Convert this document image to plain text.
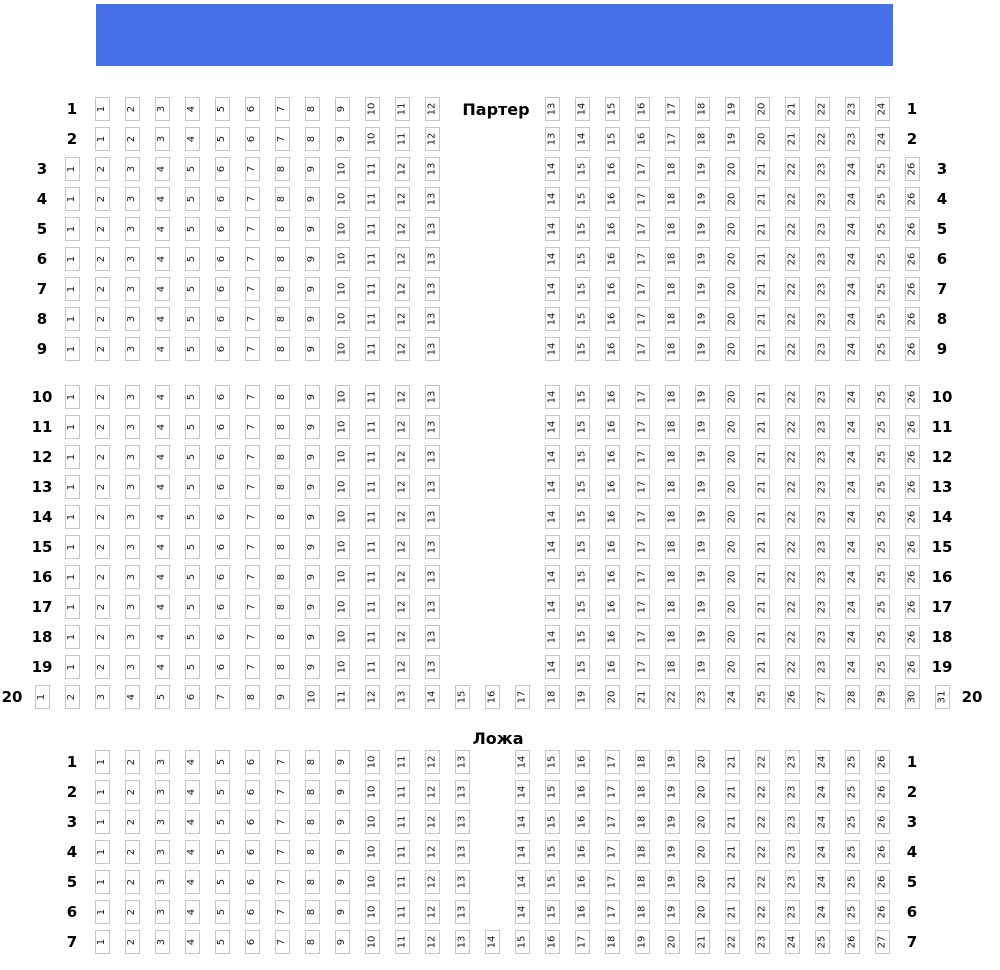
Партер
Ложа
1	1
1 2 3 4 5 6 7 8 9 10 11 12	13 14 15 16 17 18 19 20 21 22 23 24
2	2
1 2 3 4 5 6 7 8 9 10 11 12	13 14 15 16 17 18 19 20 21 22 23 24
3	3
1 2 3 4 5 6 7 8 9 10 11 12 13	14 15 16 17 18 19 20 21 22 23 24 25 26
4	4
1 2 3 4 5 6 7 8 9 10 11 12 13	14 15 16 17 18 19 20 21 22 23 24 25 26
5	5
1 2 3 4 5 6 7 8 9 10 11 12 13	14 15 16 17 18 19 20 21 22 23 24 25 26
6	6
1 2 3 4 5 6 7 8 9 10 11 12 13	14 15 16 17 18 19 20 21 22 23 24 25 26
7	7
1 2 3 4 5 6 7 8 9 10 11 12 13	14 15 16 17 18 19 20 21 22 23 24 25 26
8	8
1 2 3 4 5 6 7 8 9 10 11 12 13	14 15 16 17 18 19 20 21 22 23 24 25 26
9	9
1 2 3 4 5 6 7 8 9 10 11 12 13	14 15 16 17 18 19 20 21 22 23 24 25 26
10	10
1 2 3 4 5 6 7 8 9 10 11 12 13	14 15 16 17 18 19 20 21 22 23 24 25 26
11	11
1 2 3 4 5 6 7 8 9 10 11 12 13	14 15 16 17 18 19 20 21 22 23 24 25 26
12	12
1 2 3 4 5 6 7 8 9 10 11 12 13	14 15 16 17 18 19 20 21 22 23 24 25 26
13	13
1 2 3 4 5 6 7 8 9 10 11 12 13	14 15 16 17 18 19 20 21 22 23 24 25 26
14	14
1 2 3 4 5 6 7 8 9 10 11 12 13	14 15 16 17 18 19 20 21 22 23 24 25 26
15	15
1 2 3 4 5 6 7 8 9 10 11 12 13	14 15 16 17 18 19 20 21 22 23 24 25 26
16	16
1 2 3 4 5 6 7 8 9 10 11 12 13	14 15 16 17 18 19 20 21 22 23 24 25 26
17	17
1 2 3 4 5 6 7 8 9 10 11 12 13	14 15 16 17 18 19 20 21 22 23 24 25 26
18	18
1 2 3 4 5 6 7 8 9 10 11 12 13	14 15 16 17 18 19 20 21 22 23 24 25 26
19	19
1 2 3 4 5 6 7 8 9 10 11 12 13	14 15 16 17 18 19 20 21 22 23 24 25 26
20	20
1 2 3 4 5 6 7 8 9 10 11 12 13 14 15 16 17 18 19 20 21 22 23 24 25 26 27 28 29 30 31
1	1
1 2 3 4 5 6 7 8 9 10 11 12 13	14 15 16 17 18 19 20 21 22 23 24 25 26
2	2
1 2 3 4 5 6 7 8 9 10 11 12 13	14 15 16 17 18 19 20 21 22 23 24 25 26
3	3
1 2 3 4 5 6 7 8 9 10 11 12 13	14 15 16 17 18 19 20 21 22 23 24 25 26
4	4
1 2 3 4 5 6 7 8 9 10 11 12 13	14 15 16 17 18 19 20 21 22 23 24 25 26
5	5
1 2 3 4 5 6 7 8 9 10 11 12 13	14 15 16 17 18 19 20 21 22 23 24 25 26
6	6
1 2 3 4 5 6 7 8 9 10 11 12 13	14 15 16 17 18 19 20 21 22 23 24 25 26
7	7
1 2 3 4 5 6 7 8 9 10 11 12 13 14 15 16 17 18 19 20 21 22 23 24 25 26 27
